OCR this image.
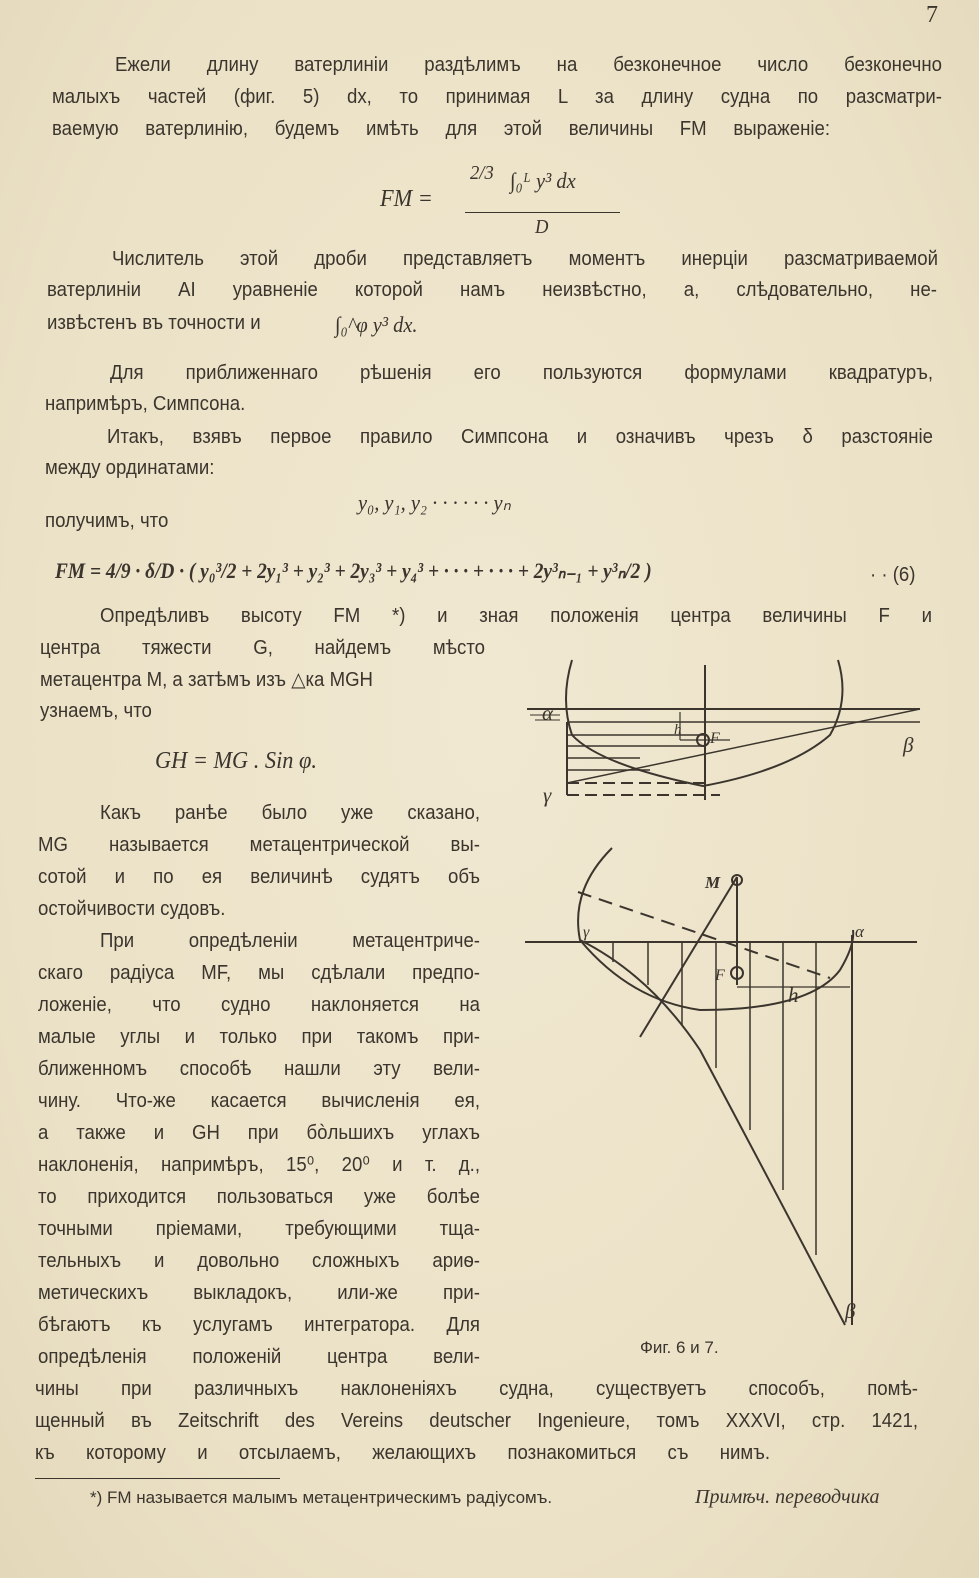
7
Ежели длину ватерлиніи раздѣлимъ на безконечное число безконечно
малыхъ частей (фиг. 5) dx, то принимая L за длину судна по разсматри-
ваемую ватерлинію, будемъ имѣть для этой величины FM выраженіе:
Числитель этой дроби представляетъ моментъ инерціи разсматриваемой
ватерлиніи AI уравненіе которой намъ неизвѣстно, а, слѣдовательно, не-
извѣстенъ въ точности и
Для приближеннаго рѣшенія его пользуются формулами квадратуръ,
напримѣръ, Симпсона.
Итакъ, взявъ первое правило Симпсона и означивъ чрезъ δ разстояніе
между ординатами:
получимъ, что
Опредѣливъ высоту FM *) и зная положенія центра величины F и
центра тяжести G, найдемъ мѣсто
метацентра M, а затѣмъ изъ △ка MGH
узнаемъ, что
Какъ ранѣе было уже сказано,
MG называется метацентрической вы-
сотой и по ея величинѣ судятъ объ
остойчивости судовъ.
При опредѣленіи метацентриче-
скаго радіуса MF, мы сдѣлали предпо-
ложеніе, что судно наклоняется на
малые углы и только при такомъ при-
ближенномъ способѣ нашли эту вели-
чину. Что-же касается вычисленія ея,
а также и GH при бòльшихъ углахъ
наклоненія, напримѣръ, 15⁰, 20⁰ и т. д.,
то приходится пользоваться уже болѣе
точными пріемами, требующими тща-
тельныхъ и довольно сложныхъ ариѳ-
метическихъ выкладокъ, или-же при-
бѣгаютъ къ услугамъ интегратора. Для
опредѣленія положеній центра вели-
чины при различныхъ наклоненіяхъ судна, существуетъ способъ, помѣ-
щенный въ Zeitschrift des Vereins deutscher Ingenieure, томъ XXXVI, стр. 1421,
къ которому и отсылаемъ, желающихъ познакомиться съ нимъ.
FM =
2/3 ∫₀ᴸ y³ dx
D
∫₀^φ y³ dx.
y₀, y₁, y₂ · · · · · · yₙ
FM = 4/9 · δ/D · ( y₀³/2 + 2y₁³ + y₂³ + 2y₃³ + y₄³ + · · · + · · · + 2y³ₙ₋₁ + y³ₙ/2 )	· · (6)
GH = MG . Sin φ.
α
β
γ
F
h
M
γ	α
F
h
β
Фиг. 6 и 7.
*) FM называется малымъ метацентрическимъ радіусомъ.	Примѣч. переводчика
